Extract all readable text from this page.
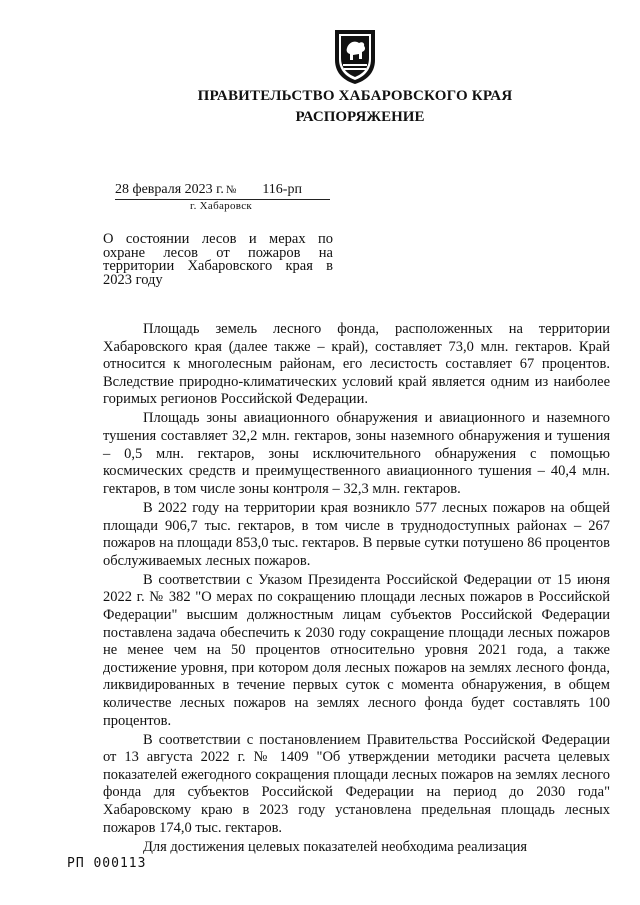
ПРАВИТЕЛЬСТВО ХАБАРОВСКОГО КРАЯ
РАСПОРЯЖЕНИЕ
28 февраля 2023 г. № 116-рп
г. Хабаровск
О состоянии лесов и мерах по охране лесов от пожаров на территории Хабаровского края в 2023 году

Площадь земель лесного фонда, расположенных на территории Хабаровского края (далее также – край), составляет 73,0 млн. гектаров. Край относится к многолесным районам, его лесистость составляет 67 процентов. Вследствие природно-климатических условий край является одним из наиболее горимых регионов Российской Федерации.

Площадь зоны авиационного обнаружения и авиационного и наземного тушения составляет 32,2 млн. гектаров, зоны наземного обнаружения и тушения – 0,5 млн. гектаров, зоны исключительного обнаружения с помощью космических средств и преимущественного авиационного тушения – 40,4 млн. гектаров, в том числе зоны контроля – 32,3 млн. гектаров.

В 2022 году на территории края возникло 577 лесных пожаров на общей площади 906,7 тыс. гектаров, в том числе в труднодоступных районах – 267 пожаров на площади 853,0 тыс. гектаров. В первые сутки потушено 86 процентов обслуживаемых лесных пожаров.

В соответствии с Указом Президента Российской Федерации от 15 июня 2022 г. № 382 "О мерах по сокращению площади лесных пожаров в Российской Федерации" высшим должностным лицам субъектов Российской Федерации поставлена задача обеспечить к 2030 году сокращение площади лесных пожаров не менее чем на 50 процентов относительно уровня 2021 года, а также достижение уровня, при котором доля лесных пожаров на землях лесного фонда, ликвидированных в течение первых суток с момента обнаружения, в общем количестве лесных пожаров на землях лесного фонда будет составлять 100 процентов.

В соответствии с постановлением Правительства Российской Федерации от 13 августа 2022 г. № 1409 "Об утверждении методики расчета целевых показателей ежегодного сокращения площади лесных пожаров на землях лесного фонда для субъектов Российской Федерации на период до 2030 года" Хабаровскому краю в 2023 году установлена предельная площадь лесных пожаров 174,0 тыс. гектаров.

Для достижения целевых показателей необходима реализация

РП 000113
